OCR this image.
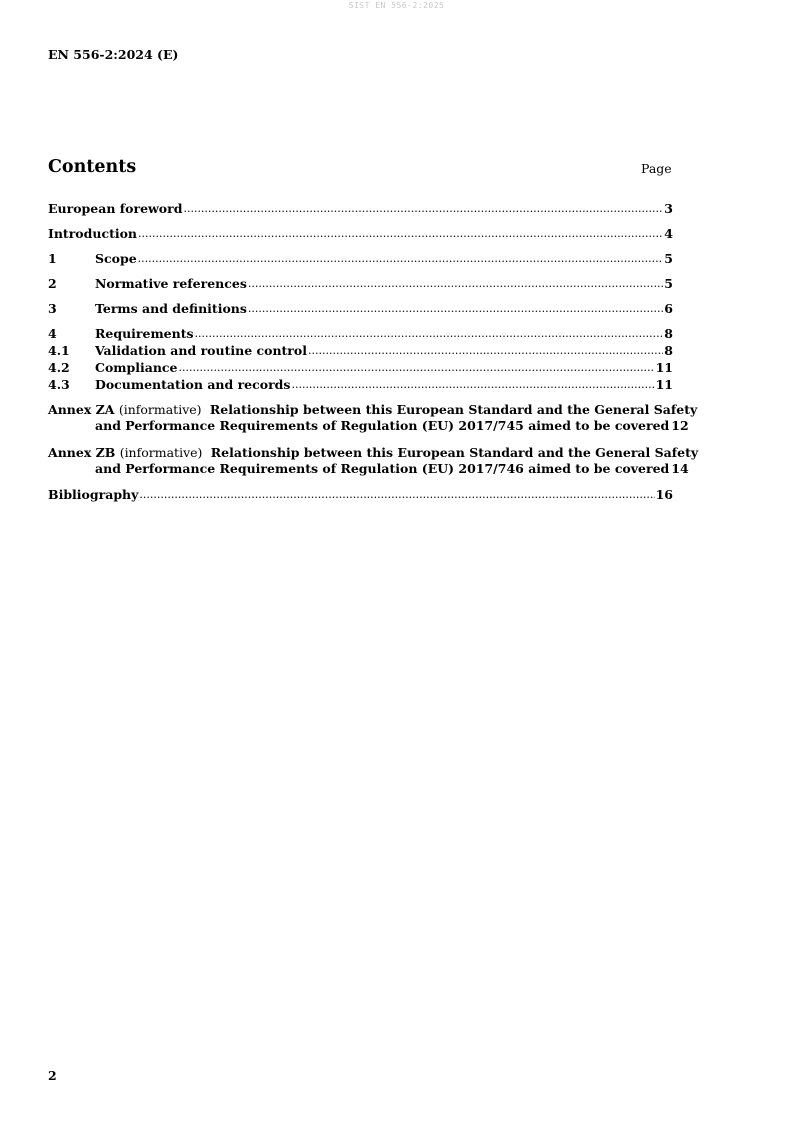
SIST EN 556-2:2025
EN 556-2:2024 (E)
Contents	Page
European foreword .....	3
Introduction .....	4
1	Scope .....	5
2	Normative references .....	5
3	Terms and definitions .....	6
4	Requirements .....	8
4.1	Validation and routine control .....	8
4.2	Compliance .....	11
4.3	Documentation and records .....	11
Annex ZA (informative) Relationship between this European Standard and the General Safety
and Performance Requirements of Regulation (EU) 2017/745 aimed to be covered 12
Annex ZB (informative) Relationship between this European Standard and the General Safety
and Performance Requirements of Regulation (EU) 2017/746 aimed to be covered 14
Bibliography .....	16
2
